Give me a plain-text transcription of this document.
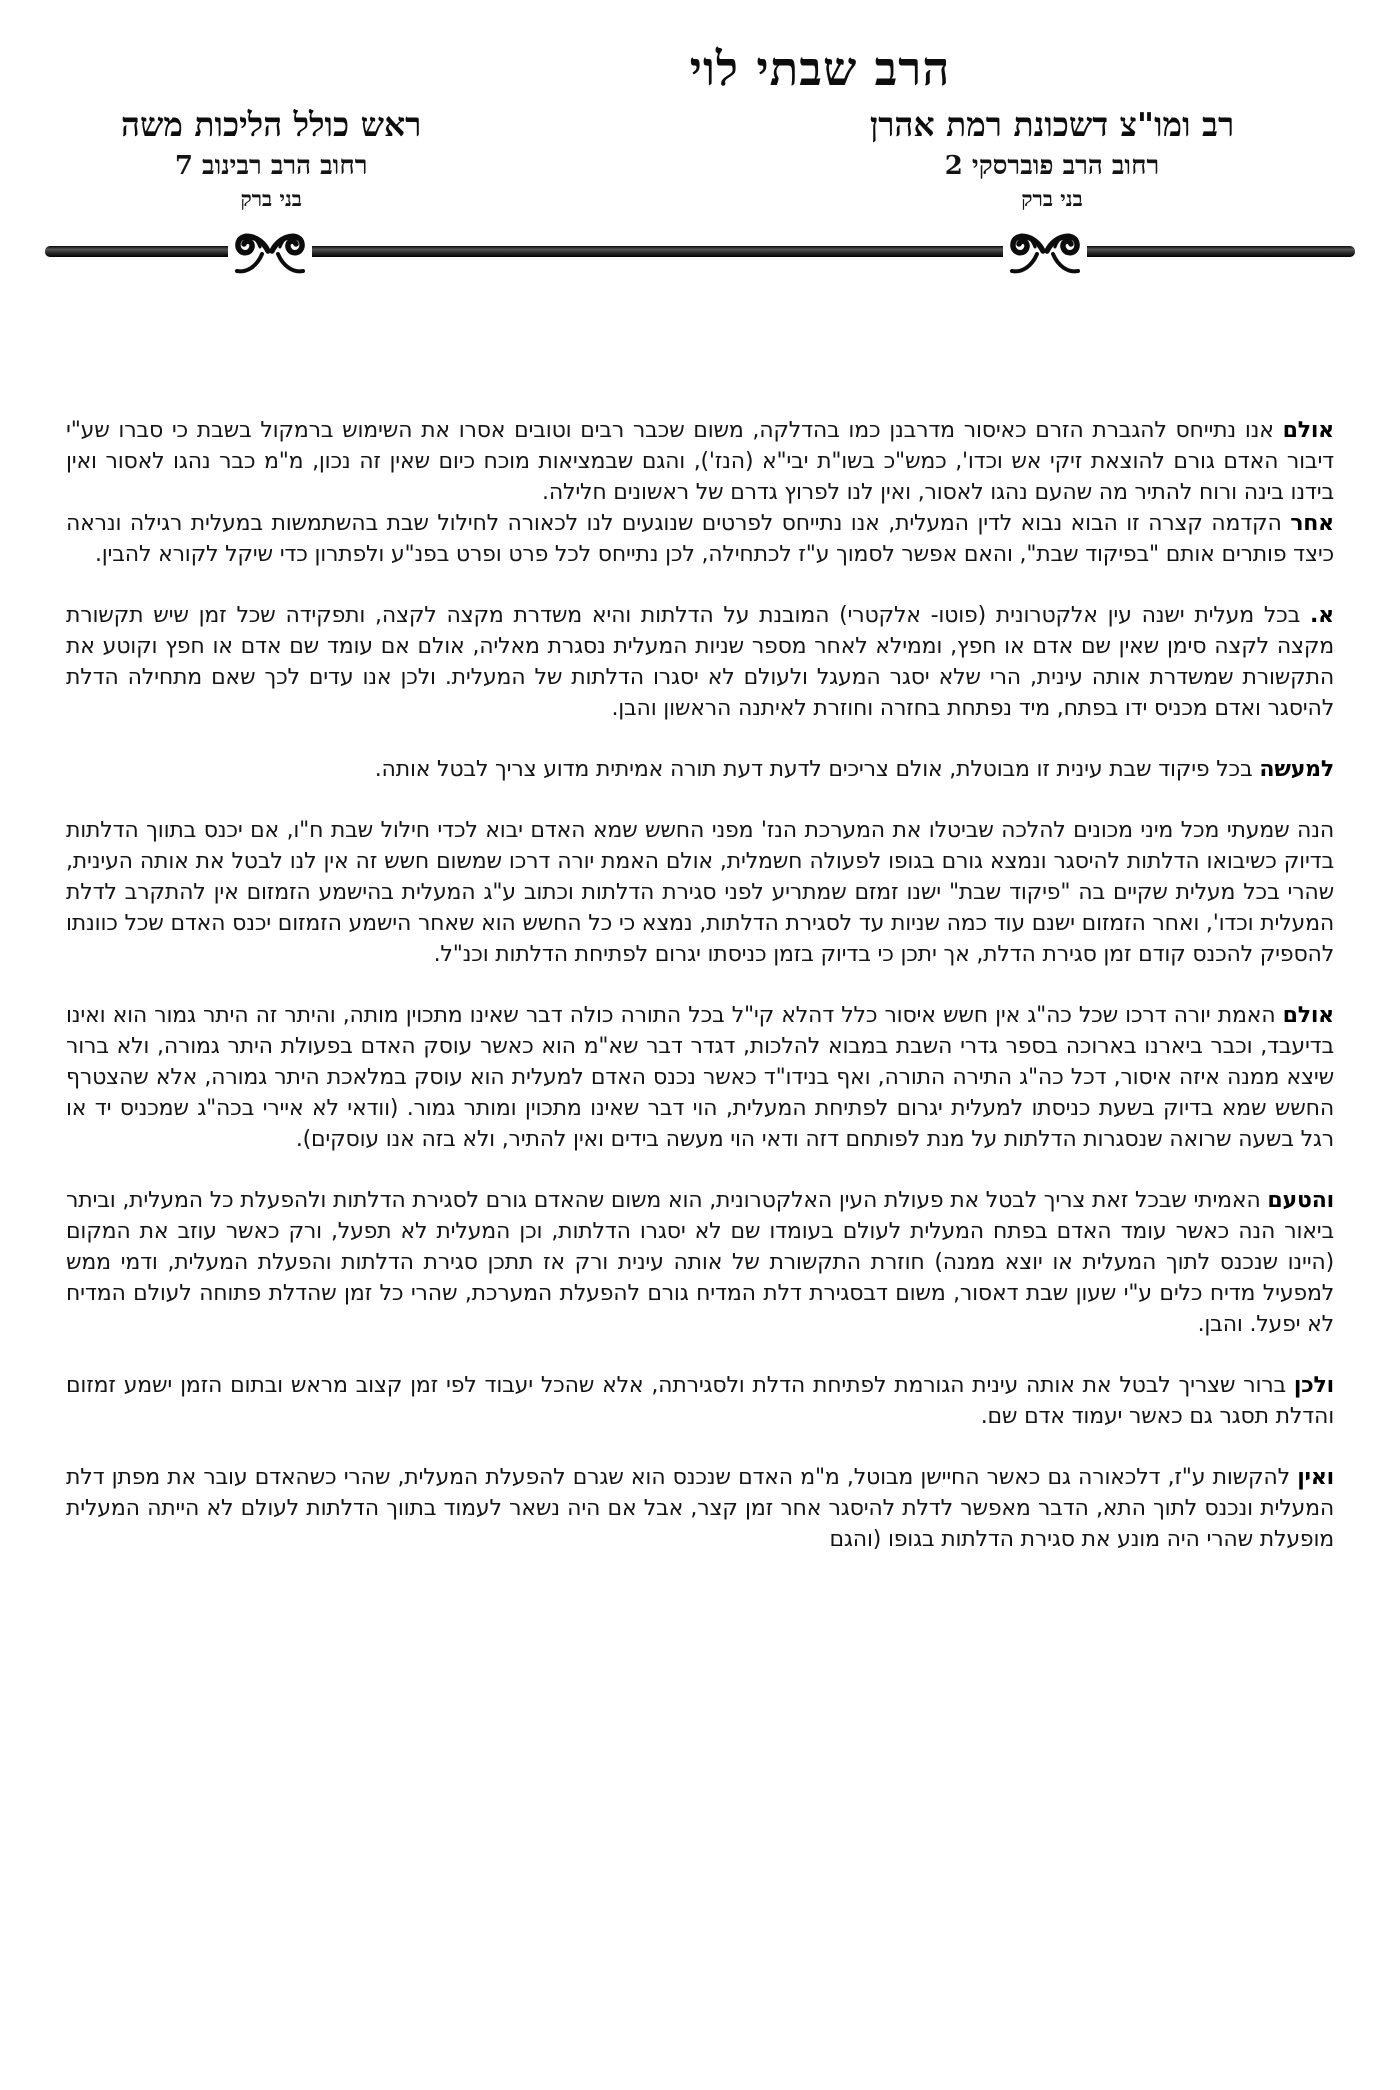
הרב שבתי לוי
רב ומו"צ דשכונת רמת אהרן
רחוב הרב פוברסקי 2
בני ברק
ראש כולל הליכות משה
רחוב הרב רבינוב 7
בני ברק

אולם אנו נתייחס להגברת הזרם כאיסור מדרבנן כמו בהדלקה, משום שכבר רבים וטובים אסרו את השימוש ברמקול בשבת כי סברו שע"י דיבור האדם גורם להוצאת זיקי אש וכדו', כמש"כ בשו"ת יבי"א (הנז'), והגם שבמציאות מוכח כיום שאין זה נכון, מ"מ כבר נהגו לאסור ואין בידנו בינה ורוח להתיר מה שהעם נהגו לאסור, ואין לנו לפרוץ גדרם של ראשונים חלילה.

אחר הקדמה קצרה זו הבוא נבוא לדין המעלית, אנו נתייחס לפרטים שנוגעים לנו לכאורה לחילול שבת בהשתמשות במעלית רגילה ונראה כיצד פותרים אותם "בפיקוד שבת", והאם אפשר לסמוך ע"ז לכתחילה, לכן נתייחס לכל פרט ופרט בפנ"ע ולפתרון כדי שיקל לקורא להבין.

א. בכל מעלית ישנה עין אלקטרונית (פוטו- אלקטרי) המובנת על הדלתות והיא משדרת מקצה לקצה, ותפקידה שכל זמן שיש תקשורת מקצה לקצה סימן שאין שם אדם או חפץ, וממילא לאחר מספר שניות המעלית נסגרת מאליה, אולם אם עומד שם אדם או חפץ וקוטע את התקשורת שמשדרת אותה עינית, הרי שלא יסגר המעגל ולעולם לא יסגרו הדלתות של המעלית. ולכן אנו עדים לכך שאם מתחילה הדלת להיסגר ואדם מכניס ידו בפתח, מיד נפתחת בחזרה וחוזרת לאיתנה הראשון והבן.

למעשה בכל פיקוד שבת עינית זו מבוטלת, אולם צריכים לדעת דעת תורה אמיתית מדוע צריך לבטל אותה.

הנה שמעתי מכל מיני מכונים להלכה שביטלו את המערכת הנז' מפני החשש שמא האדם יבוא לכדי חילול שבת ח"ו, אם יכנס בתווך הדלתות בדיוק כשיבואו הדלתות להיסגר ונמצא גורם בגופו לפעולה חשמלית, אולם האמת יורה דרכו שמשום חשש זה אין לנו לבטל את אותה העינית, שהרי בכל מעלית שקיים בה "פיקוד שבת" ישנו זמזם שמתריע לפני סגירת הדלתות וכתוב ע"ג המעלית בהישמע הזמזום אין להתקרב לדלת המעלית וכדו', ואחר הזמזום ישנם עוד כמה שניות עד לסגירת הדלתות, נמצא כי כל החשש הוא שאחר הישמע הזמזום יכנס האדם שכל כוונתו להספיק להכנס קודם זמן סגירת הדלת, אך יתכן כי בדיוק בזמן כניסתו יגרום לפתיחת הדלתות וכנ"ל.

אולם האמת יורה דרכו שכל כה"ג אין חשש איסור כלל דהלא קי"ל בכל התורה כולה דבר שאינו מתכוין מותה, והיתר זה היתר גמור הוא ואינו בדיעבד, וכבר ביארנו בארוכה בספר גדרי השבת במבוא להלכות, דגדר דבר שא"מ הוא כאשר עוסק האדם בפעולת היתר גמורה, ולא ברור שיצא ממנה איזה איסור, דכל כה"ג התירה התורה, ואף בנידו"ד כאשר נכנס האדם למעלית הוא עוסק במלאכת היתר גמורה, אלא שהצטרף החשש שמא בדיוק בשעת כניסתו למעלית יגרום לפתיחת המעלית, הוי דבר שאינו מתכוין ומותר גמור. (וודאי לא איירי בכה"ג שמכניס יד או רגל בשעה שרואה שנסגרות הדלתות על מנת לפותחם דזה ודאי הוי מעשה בידים ואין להתיר, ולא בזה אנו עוסקים).

והטעם האמיתי שבכל זאת צריך לבטל את פעולת העין האלקטרונית, הוא משום שהאדם גורם לסגירת הדלתות ולהפעלת כל המעלית, וביתר ביאור הנה כאשר עומד האדם בפתח המעלית לעולם בעומדו שם לא יסגרו הדלתות, וכן המעלית לא תפעל, ורק כאשר עוזב את המקום (היינו שנכנס לתוך המעלית או יוצא ממנה) חוזרת התקשורת של אותה עינית ורק אז תתכן סגירת הדלתות והפעלת המעלית, ודמי ממש למפעיל מדיח כלים ע"י שעון שבת דאסור, משום דבסגירת דלת המדיח גורם להפעלת המערכת, שהרי כל זמן שהדלת פתוחה לעולם המדיח לא יפעל. והבן.

ולכן ברור שצריך לבטל את אותה עינית הגורמת לפתיחת הדלת ולסגירתה, אלא שהכל יעבוד לפי זמן קצוב מראש ובתום הזמן ישמע זמזום והדלת תסגר גם כאשר יעמוד אדם שם.

ואין להקשות ע"ז, דלכאורה גם כאשר החיישן מבוטל, מ"מ האדם שנכנס הוא שגרם להפעלת המעלית, שהרי כשהאדם עובר את מפתן דלת המעלית ונכנס לתוך התא, הדבר מאפשר לדלת להיסגר אחר זמן קצר, אבל אם היה נשאר לעמוד בתווך הדלתות לעולם לא הייתה המעלית מופעלת שהרי היה מונע את סגירת הדלתות בגופו (והגם
